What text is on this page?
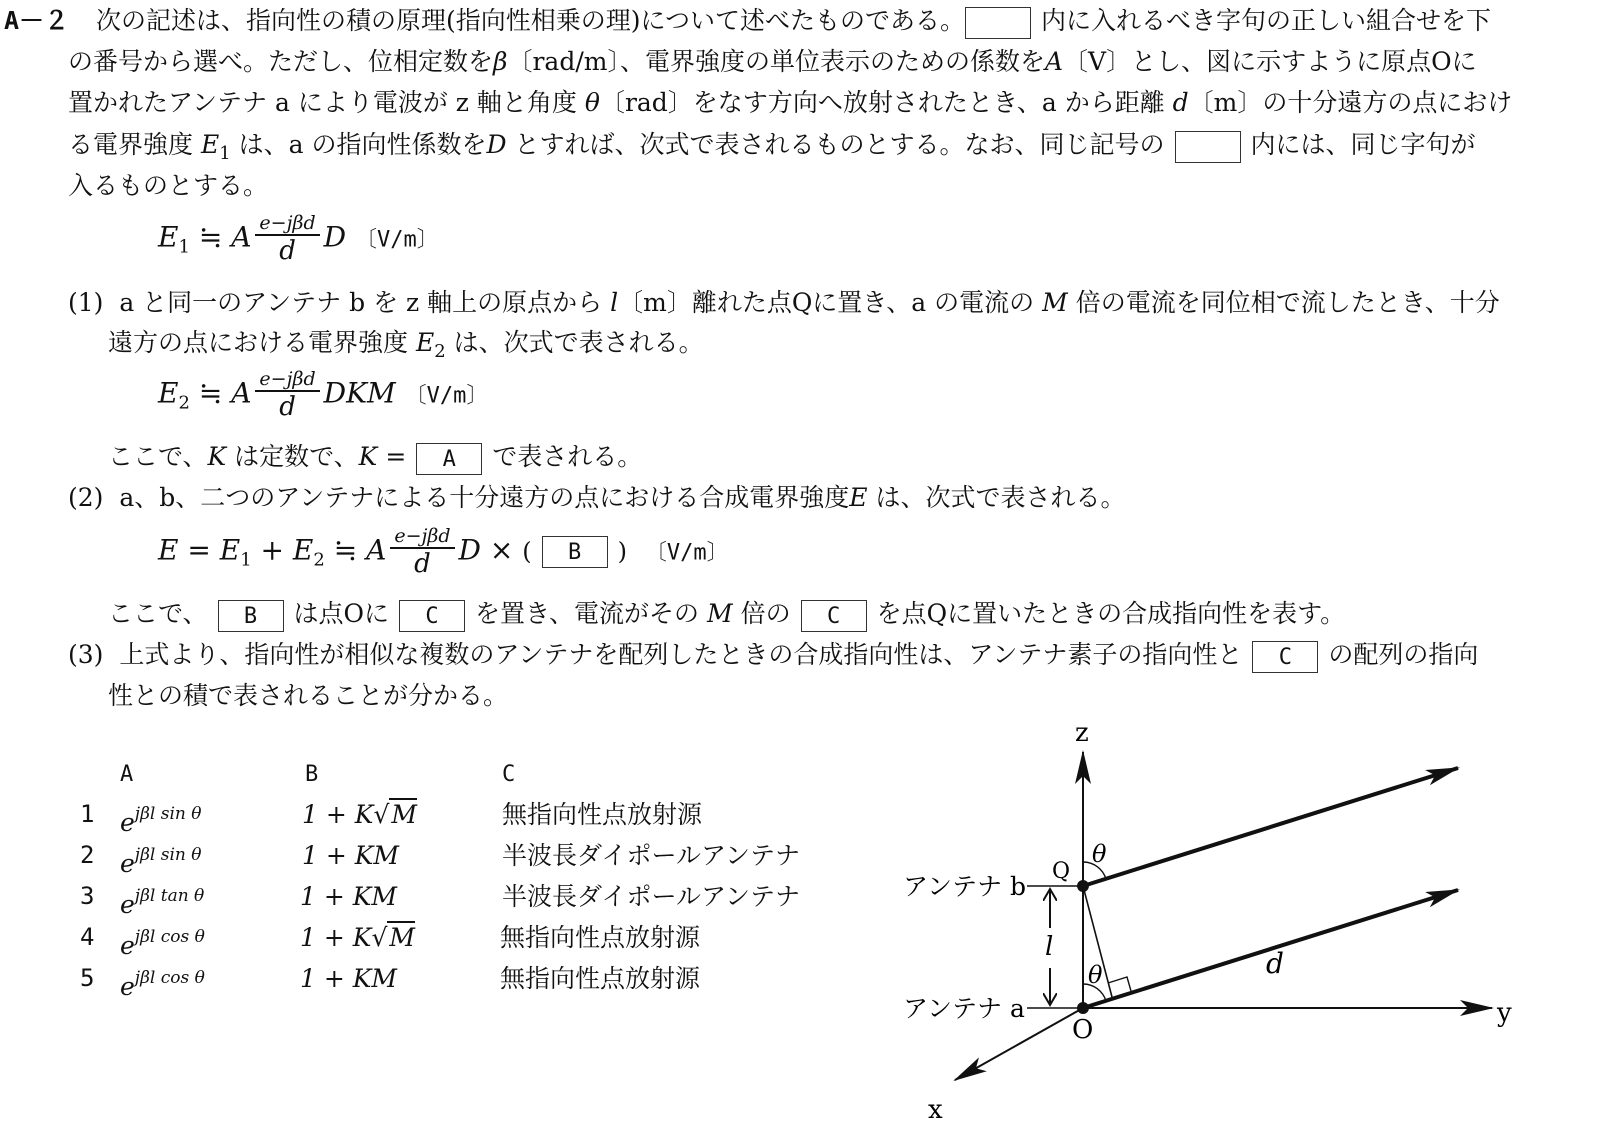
A－２ 次の記述は、指向性の積の原理(指向性相乗の理)について述べたものである。	内に入れるべき字句の正しい組合せを下
の番号から選べ。ただし、位相定数をβ〔rad/m〕、電界強度の単位表示のための係数をA〔V〕とし、図に示すように原点Oに
置かれたアンテナ a により電波が z 軸と角度 θ〔rad〕をなす方向へ放射されたとき、a から距離 d〔m〕の十分遠方の点におけ
る電界強度 $E_1$ は、a の指向性係数をD とすれば、次式で表されるものとする。なお、同じ記号の	内には、同じ字句が
入るものとする。
$E_1$ ≒ A $\frac{\text{e−jβd}}{d}$ D 〔V/m〕
(1) a と同一のアンテナ b を z 軸上の原点から l〔m〕離れた点Qに置き、a の電流の M 倍の電流を同位相で流したとき、十分
遠方の点における電界強度 $E_2$ は、次式で表される。
$E_2$ ≒ A $\frac{\text{e−jβd}}{d}$ DKM 〔V/m〕
ここで、K は定数で、K = A で表される。
(2) a、b、二つのアンテナによる十分遠方の点における合成電界強度E は、次式で表される。
$E = E_1 + E_2$ ≒ A $\frac{\text{e−jβd}}{d}$ D × ( B ) 〔V/m〕
ここで、 B は点Oに C を置き、電流がその M 倍の C を点Qに置いたときの合成指向性を表す。
(3) 上式より、指向性が相似な複数のアンテナを配列したときの合成指向性は、アンテナ素子の指向性と C の配列の指向
性との積で表されることが分かる。
A	B	C
1 $e^{j\beta l sin \theta}$	1 + K√M	無指向性点放射源
2 $e^{j\beta l sin \theta}$	1 + KM	半波長ダイポールアンテナ
3 $e^{j\beta l tan \theta}$	1 + KM	半波長ダイポールアンテナ
4 $e^{j\beta l cos \theta}$	1 + K√M	無指向性点放射源
5 $e^{j\beta l cos \theta}$	1 + KM	無指向性点放射源
z
y
x
O
Q
アンテナ b
アンテナ a
l	d
θ
θ
